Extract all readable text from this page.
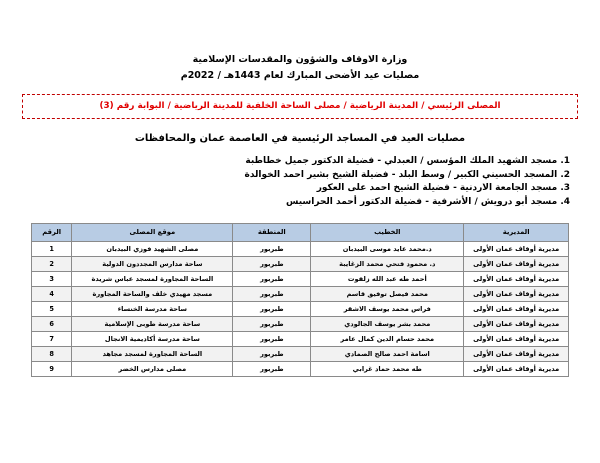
وزارة الاوقاف والشؤون والمقدسات الإسلامية
مصليات عيد الأضحى المبارك لعام 1443هـ / 2022م
المصلى الرئيسي / المدينة الرياضية / مصلى الساحة الخلفية للمدينة الرياضية / البوابة رقم (3)
مصليات العيد في المساجد الرئيسية في العاصمة عمان والمحافظات
1. مسجد الشهيد الملك المؤسس / العبدلي - فضيلة الدكتور جميل خطاطبة
2. المسجد الحسيني الكبير / وسط البلد - فضيلة الشيخ بشير احمد الخوالدة
3. مسجد الجامعة الاردنية - فضيلة الشيخ احمد على العكور
4. مسجد أبو درويش / الأشرفية - فضيلة الدكتور أحمد الحراسيس
المديرية	الخطيب	المنطقة	موقع المصلى	الرقم
مديرية أوقاف عمان الأولى	د.محمد عايد موسى البيدبان	طبربور	مصلى الشهيد فوزي البيدبان	1
مديرية أوقاف عمان الأولى	د. محمود فتحي محمد الزغايبة	طبربور	ساحة مدارس المجددون الدولية	2
مديرية أوقاف عمان الأولى	أحمد طه عبد الله زلفوت	طبربور	الساحة المجاورة لمسجد عباس شريدة	3
مديرية أوقاف عمان الأولى	محمد فيصل توفيق قاسم	طبربور	مسجد مهيدي خلف والساحة المجاورة	4
مديرية أوقاف عمان الأولى	فراس محمد يوسف الاشقر	طبربور	ساحة مدرسة الخنساء	5
مديرية أوقاف عمان الأولى	محمد بشر يوسف الجالودي	طبربور	ساحة مدرسة طوبى الإسلامية	6
مديرية أوقاف عمان الأولى	محمد حسام الدين كمال عامر	طبربور	ساحة مدرسة أكاديمية الانجال	7
مديرية أوقاف عمان الأولى	اسامة احمد صالح الصمادي	طبربور	الساحة المجاورة لمسجد مجاهد	8
مديرية أوقاف عمان الأولى	طه محمد حماد غرابي	طبربور	مصلى مدارس الخضر	9
